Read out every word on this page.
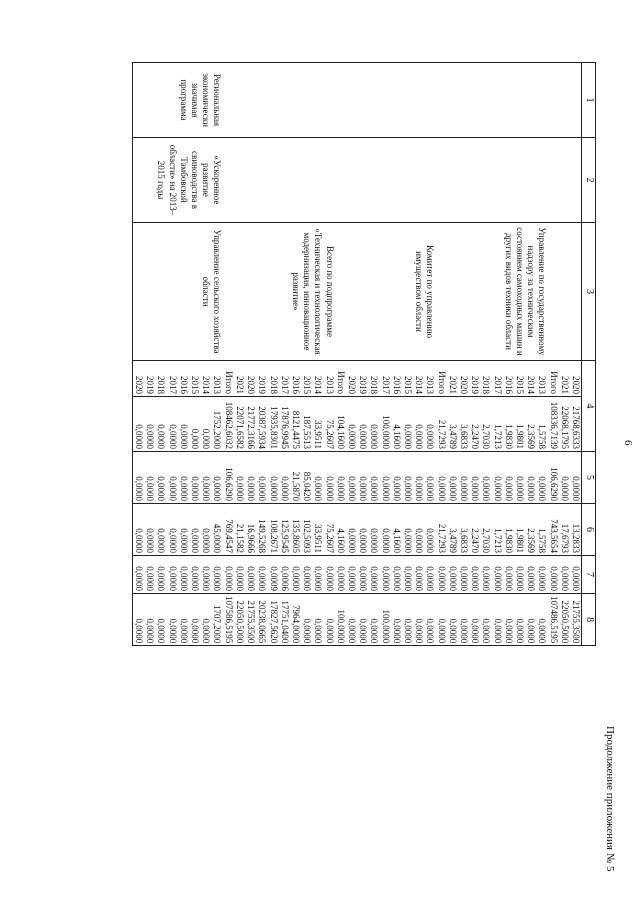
6
Продолжение приложения № 5
1	2	3	4		5	6	7	8
			2020	21768,6333	0,0000	13,2833	0,0000	21755,3500
			2021	22068,1795	0,0000	17,6793	0,0000	22050,5000
			Итого	108336,7139	106,6290	743,5654	0,0000	107486,5195

		Управление по государственному надзору за техническим состоянием самоходных машин и других видов техники области	2013	1,5758	0,0000	1,5758	0,0000	0,0000
			2014	2,3569	0,0000	2,3569	0,0000	0,0000
			2015	1,9801	0,0000	1,9801	0,0000	0,0000
			2016	1,9830	0,0000	1,9830	0,0000	0,0000
			2017	1,7213	0,0000	1,7213	0,0000	0,0000
			2018	2,7030	0,0000	2,7030	0,0000	0,0000
			2019	2,2470	0,0000	2,2470	0,0000	0,0000
			2020	3,6833	0,0000	3,6833	0,0000	0,0000
			2021	3,4789	0,0000	3,4789	0,0000	0,0000
			Итого	21,7293	0,0000	21,7293	0,0000	0,0000

		Комитет по управлению имуществом области	2013	0,0000	0,0000	0,0000	0,0000	0,0000
			2014	0,0000	0,0000	0,0000	0,0000	0,0000
			2015	0,0000	0,0000	0,0000	0,0000	0,0000
			2016	4,1600	0,0000	4,1600	0,0000	0,0000
			2017	100,0000	0,0000	0,0000	0,0000	100,0000
			2018	0,0000	0,0000	0,0000	0,0000	0,0000
			2019	0,0000	0,0000	0,0000	0,0000	0,0000
			2020	0,0000	0,0000	0,0000	0,0000	0,0000
			Итого	104,1600	0,0000	4,1600	0,0000	100,0000

		Всего по подпрограмме «Техническая и технологическая модернизация, инновационное развитие»	2013	75,2607	0,0000	75,2607	0,0000	0,0000
			2014	33,9511	0,0000	33,9511	0,0000	0,0000
			2015	187,5513	85,0420	102,5093	0,0000	0,0000
			2016	8121,4475	21,5870	135,8605	0,0000	7964,0000
			2017	17876,9945	0,0000	125,9545	0,0006	17751,0400
			2018	17935,8301	0,0000	108,2671	0,0009	17827,5620
			2019	20387,5934	0,0000	149,5268	0,0000	20238,0665
			2020	21772,3166	0,0000	16,9666	0,0000	21755,3500
			2021	22071,6582	0,0000	21,1582	0,0000	22050,5000
			Итого	108462,6032	106,6290	769,4547	0,0000	107586,5195

Региональная экономически значимая программа	«Ускоренное развитие свиноводства в Тамбовской области» на 2013–2015 годы	Управление сельского хозяйства области	2013	1752,2000	0,0000	45,0000	0,0000	1707,2000
			2014	0,000	0,0000	0,0000	0,0000	0,0000
			2015	0,000	0,0000	0,0000	0,0000	0,0000
			2016	0,0000	0,0000	0,0000	0,0000	0,0000
			2017	0,0000	0,0000	0,0000	0,0000	0,0000
			2018	0,0000	0,0000	0,0000	0,0000	0,0000
			2019	0,0000	0,0000	0,0000	0,0000	0,0000
			2020	0,0000	0,0000	0,0000	0,0000	0,0000
